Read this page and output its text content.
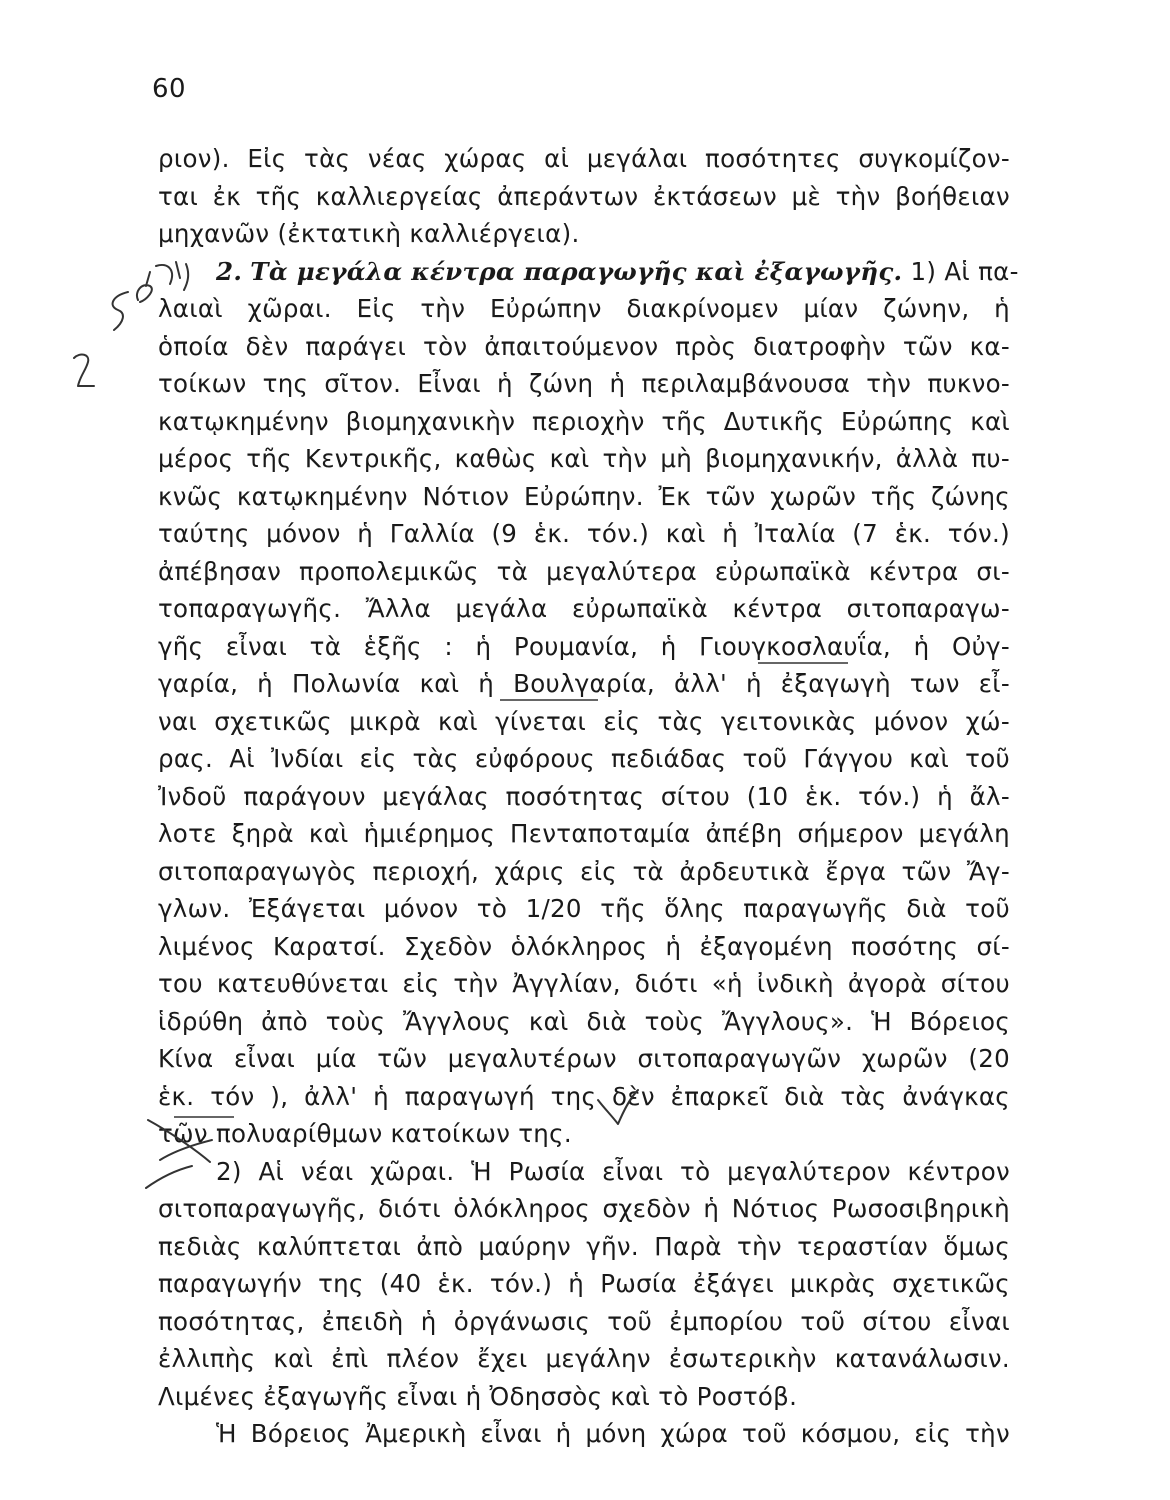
60
ριον). Εἰς τὰς νέας χώρας αἱ μεγάλαι ποσότητες συγκομίζον-
ται ἐκ τῆς καλλιεργείας ἀπεράντων ἐκτάσεων μὲ τὴν βοήθειαν
μηχανῶν (ἐκτατικὴ καλλιέργεια).
2. Τὰ μεγάλα κέντρα παραγωγῆς καὶ ἐξαγωγῆς. 1) Αἱ πα-
λαιαὶ χῶραι. Εἰς τὴν Εὐρώπην διακρίνομεν μίαν ζώνην, ἡ
ὁποία δὲν παράγει τὸν ἀπαιτούμενον πρὸς διατροφὴν τῶν κα-
τοίκων της σῖτον. Εἶναι ἡ ζώνη ἡ περιλαμβάνουσα τὴν πυκνο-
κατῳκημένην βιομηχανικὴν περιοχὴν τῆς Δυτικῆς Εὐρώπης καὶ
μέρος τῆς Κεντρικῆς, καθὼς καὶ τὴν μὴ βιομηχανικήν, ἀλλὰ πυ-
κνῶς κατῳκημένην Νότιον Εὐρώπην. Ἐκ τῶν χωρῶν τῆς ζώνης
ταύτης μόνον ἡ Γαλλία (9 ἑκ. τόν.) καὶ ἡ Ἰταλία (7 ἑκ. τόν.)
ἀπέβησαν προπολεμικῶς τὰ μεγαλύτερα εὐρωπαϊκὰ κέντρα σι-
τοπαραγωγῆς. Ἄλλα μεγάλα εὐρωπαϊκὰ κέντρα σιτοπαραγω-
γῆς εἶναι τὰ ἑξῆς : ἡ Ρουμανία, ἡ Γιουγκοσλαυΐα, ἡ Οὐγ-
γαρία, ἡ Πολωνία καὶ ἡ Βουλγαρία, ἀλλ' ἡ ἐξαγωγὴ των εἶ-
ναι σχετικῶς μικρὰ καὶ γίνεται εἰς τὰς γειτονικὰς μόνον χώ-
ρας. Αἱ Ἰνδίαι εἰς τὰς εὐφόρους πεδιάδας τοῦ Γάγγου καὶ τοῦ
Ἰνδοῦ παράγουν μεγάλας ποσότητας σίτου (10 ἑκ. τόν.) ἡ ἄλ-
λοτε ξηρὰ καὶ ἡμιέρημος Πενταποταμία ἀπέβη σήμερον μεγάλη
σιτοπαραγωγὸς περιοχή, χάρις εἰς τὰ ἀρδευτικὰ ἔργα τῶν Ἄγ-
γλων. Ἐξάγεται μόνον τὸ 1/20 τῆς ὅλης παραγωγῆς διὰ τοῦ
λιμένος Καρατσί. Σχεδὸν ὁλόκληρος ἡ ἐξαγομένη ποσότης σί-
του κατευθύνεται εἰς τὴν Ἀγγλίαν, διότι «ἡ ἰνδικὴ ἀγορὰ σίτου
ἱδρύθη ἀπὸ τοὺς Ἄγγλους καὶ διὰ τοὺς Ἄγγλους». Ἡ Βόρειος
Κίνα εἶναι μία τῶν μεγαλυτέρων σιτοπαραγωγῶν χωρῶν (20
ἑκ. τόν ), ἀλλ' ἡ παραγωγή της δὲν ἐπαρκεῖ διὰ τὰς ἀνάγκας
τῶν πολυαρίθμων κατοίκων της.
2) Αἱ νέαι χῶραι. Ἡ Ρωσία εἶναι τὸ μεγαλύτερον κέντρον
σιτοπαραγωγῆς, διότι ὁλόκληρος σχεδὸν ἡ Νότιος Ρωσοσιβηρικὴ
πεδιὰς καλύπτεται ἀπὸ μαύρην γῆν. Παρὰ τὴν τεραστίαν ὅμως
παραγωγήν της (40 ἑκ. τόν.) ἡ Ρωσία ἐξάγει μικρὰς σχετικῶς
ποσότητας, ἐπειδὴ ἡ ὀργάνωσις τοῦ ἐμπορίου τοῦ σίτου εἶναι
ἐλλιπὴς καὶ ἐπὶ πλέον ἔχει μεγάλην ἐσωτερικὴν κατανάλωσιν.
Λιμένες ἐξαγωγῆς εἶναι ἡ Ὀδησσὸς καὶ τὸ Ροστόβ.
Ἡ Βόρειος Ἀμερικὴ εἶναι ἡ μόνη χώρα τοῦ κόσμου, εἰς τὴν
